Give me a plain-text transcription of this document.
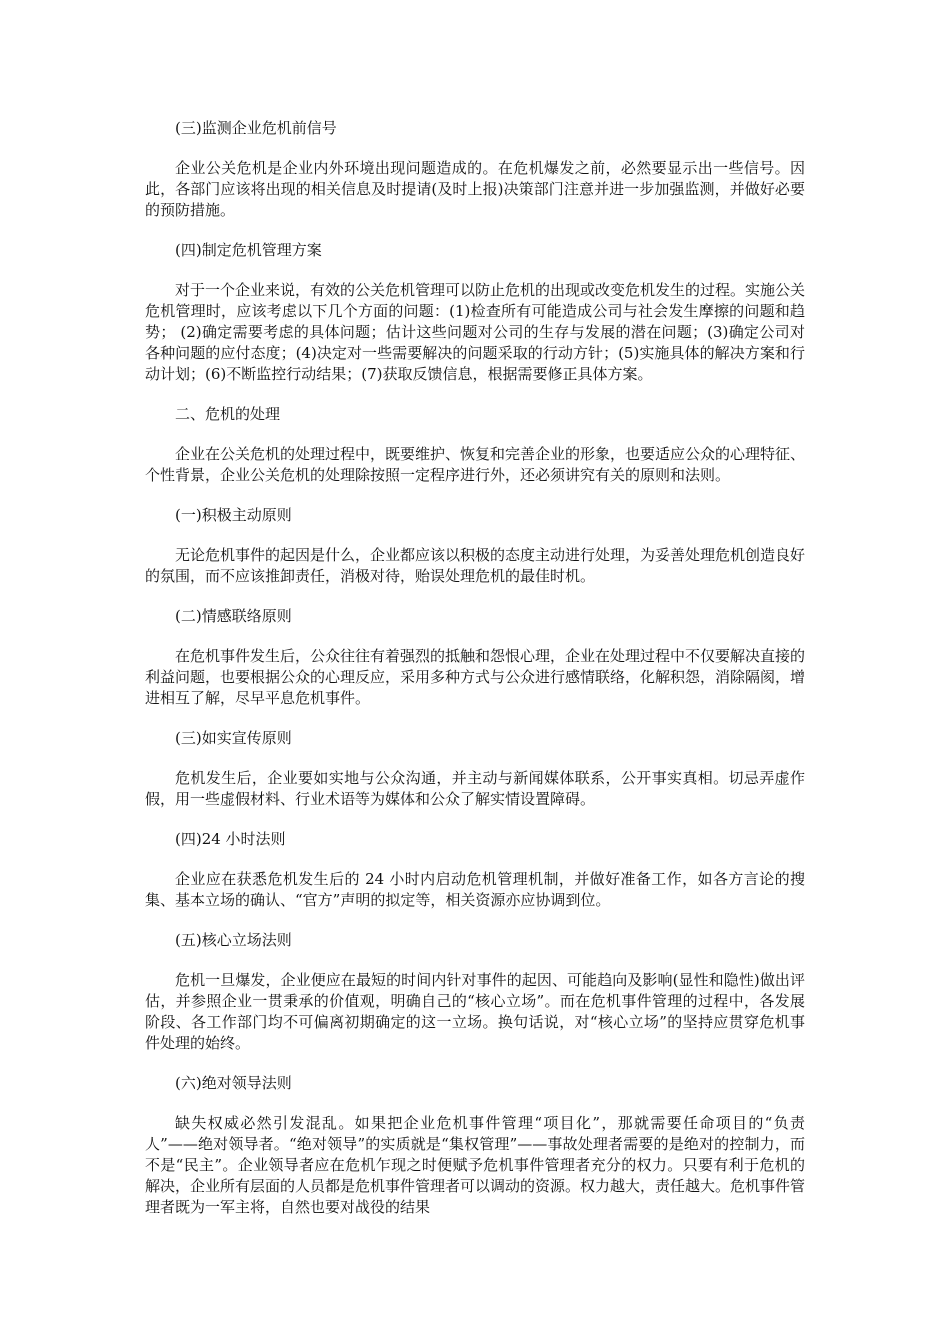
(三)监测企业危机前信号

企业公关危机是企业内外环境出现问题造成的。在危机爆发之前，必然要显示出一些信号。因此，各部门应该将出现的相关信息及时提请(及时上报)决策部门注意并进一步加强监测，并做好必要的预防措施。

(四)制定危机管理方案

对于一个企业来说，有效的公关危机管理可以防止危机的出现或改变危机发生的过程。实施公关危机管理时，应该考虑以下几个方面的问题：(1)检查所有可能造成公司与社会发生摩擦的问题和趋势； (2)确定需要考虑的具体问题；估计这些问题对公司的生存与发展的潜在问题；(3)确定公司对各种问题的应付态度；(4)决定对一些需要解决的问题采取的行动方针；(5)实施具体的解决方案和行动计划；(6)不断监控行动结果；(7)获取反馈信息，根据需要修正具体方案。

二、危机的处理

企业在公关危机的处理过程中，既要维护、恢复和完善企业的形象，也要适应公众的心理特征、个性背景，企业公关危机的处理除按照一定程序进行外，还必须讲究有关的原则和法则。

(一)积极主动原则

无论危机事件的起因是什么，企业都应该以积极的态度主动进行处理，为妥善处理危机创造良好的氛围，而不应该推卸责任，消极对待，贻误处理危机的最佳时机。

(二)情感联络原则

在危机事件发生后，公众往往有着强烈的抵触和怨恨心理，企业在处理过程中不仅要解决直接的利益问题，也要根据公众的心理反应，采用多种方式与公众进行感情联络，化解积怨，消除隔阂，增进相互了解，尽早平息危机事件。

(三)如实宣传原则

危机发生后，企业要如实地与公众沟通，并主动与新闻媒体联系，公开事实真相。切忌弄虚作假，用一些虚假材料、行业术语等为媒体和公众了解实情设置障碍。

(四)24 小时法则

企业应在获悉危机发生后的 24 小时内启动危机管理机制，并做好准备工作，如各方言论的搜集、基本立场的确认、“官方”声明的拟定等，相关资源亦应协调到位。

(五)核心立场法则

危机一旦爆发，企业便应在最短的时间内针对事件的起因、可能趋向及影响(显性和隐性)做出评估，并参照企业一贯秉承的价值观，明确自己的“核心立场”。而在危机事件管理的过程中，各发展阶段、各工作部门均不可偏离初期确定的这一立场。换句话说，对“核心立场”的坚持应贯穿危机事件处理的始终。

(六)绝对领导法则

缺失权威必然引发混乱。如果把企业危机事件管理“项目化”，那就需要任命项目的“负责人”——绝对领导者。“绝对领导”的实质就是“集权管理”——事故处理者需要的是绝对的控制力，而不是“民主”。企业领导者应在危机乍现之时便赋予危机事件管理者充分的权力。只要有利于危机的解决，企业所有层面的人员都是危机事件管理者可以调动的资源。权力越大，责任越大。危机事件管理者既为一军主将，自然也要对战役的结果
